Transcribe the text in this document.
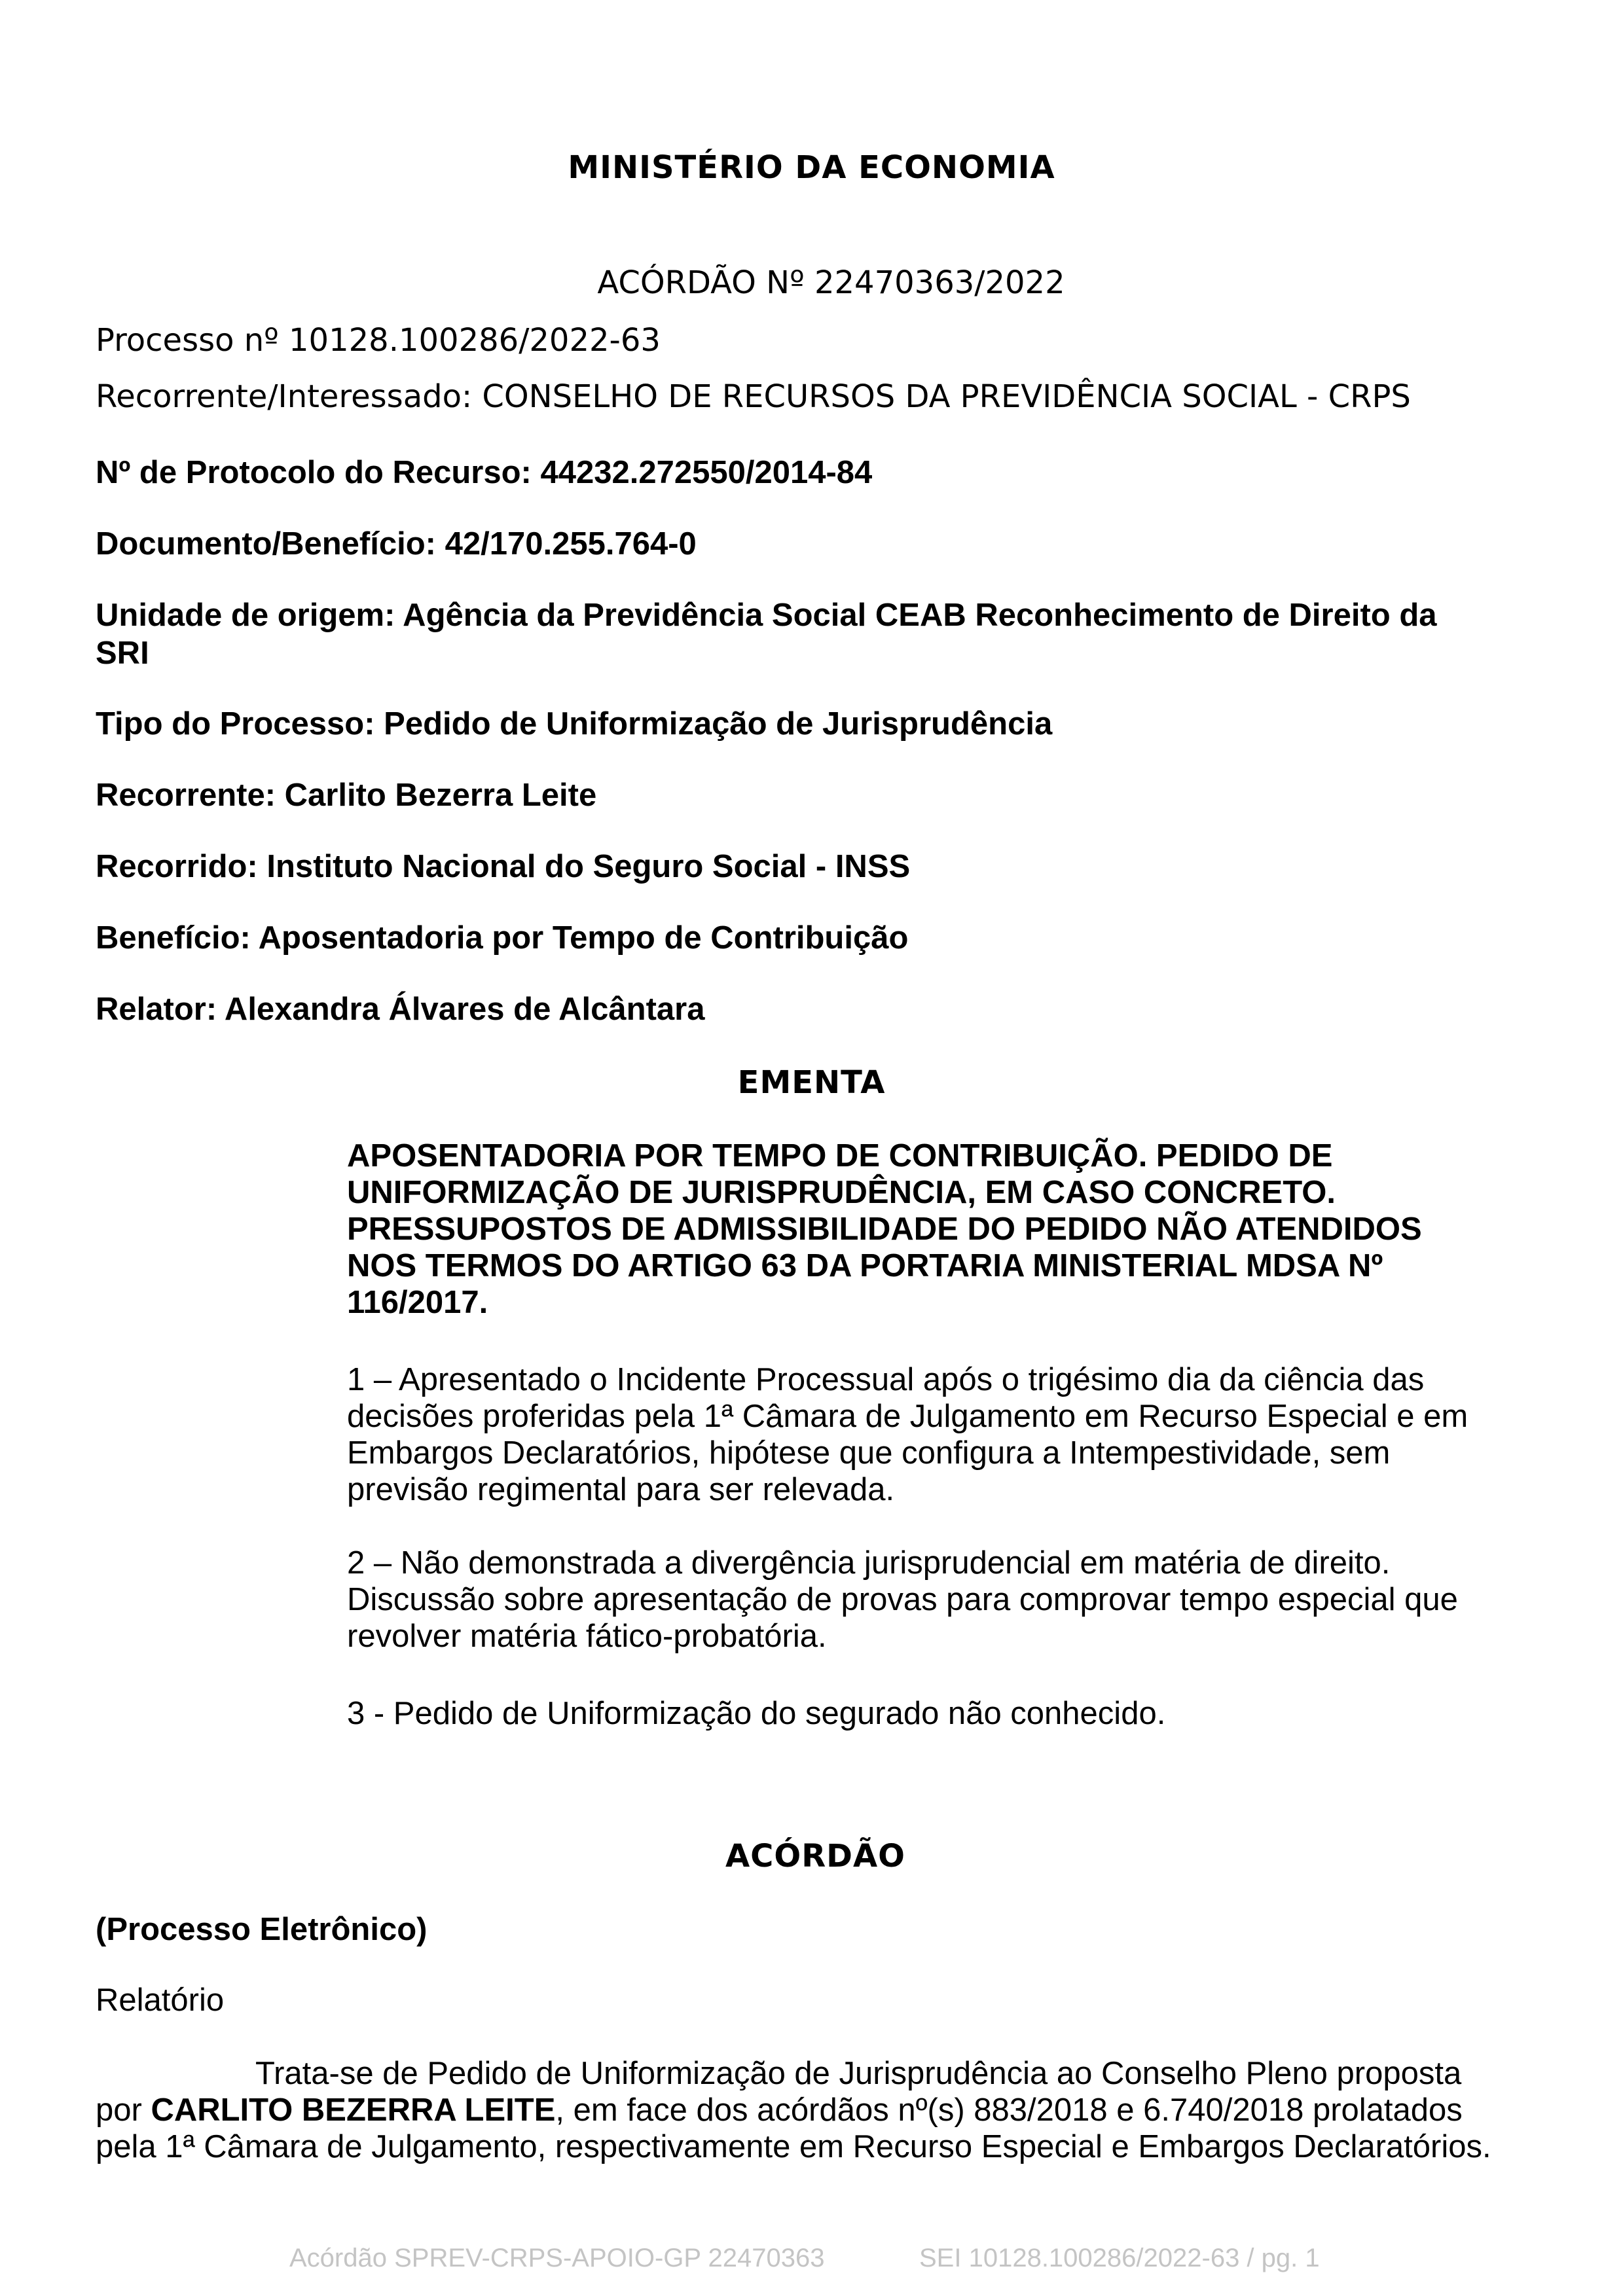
MINISTÉRIO DA ECONOMIA
ACÓRDÃO Nº 22470363/2022
Processo nº 10128.100286/2022-63
Recorrente/Interessado: CONSELHO DE RECURSOS DA PREVIDÊNCIA SOCIAL - CRPS
Nº de Protocolo do Recurso: 44232.272550/2014-84
Documento/Benefício: 42/170.255.764-0
Unidade de origem: Agência da Previdência Social CEAB Reconhecimento de Direito da
SRI
Tipo do Processo: Pedido de Uniformização de Jurisprudência
Recorrente: Carlito Bezerra Leite
Recorrido: Instituto Nacional do Seguro Social - INSS
Benefício: Aposentadoria por Tempo de Contribuição
Relator: Alexandra Álvares de Alcântara
EMENTA
APOSENTADORIA POR TEMPO DE CONTRIBUIÇÃO. PEDIDO DE
UNIFORMIZAÇÃO DE JURISPRUDÊNCIA, EM CASO CONCRETO.
PRESSUPOSTOS DE ADMISSIBILIDADE DO PEDIDO NÃO ATENDIDOS
NOS TERMOS DO ARTIGO 63 DA PORTARIA MINISTERIAL MDSA Nº
116/2017.
1 – Apresentado o Incidente Processual após o trigésimo dia da ciência das
decisões proferidas pela 1ª Câmara de Julgamento em Recurso Especial e em
Embargos Declaratórios, hipótese que configura a Intempestividade, sem
previsão regimental para ser relevada.
2 – Não demonstrada a divergência jurisprudencial em matéria de direito.
Discussão sobre apresentação de provas para comprovar tempo especial que
revolver matéria fático-probatória.
3 - Pedido de Uniformização do segurado não conhecido.
ACÓRDÃO
(Processo Eletrônico)
Relatório
Trata-se de Pedido de Uniformização de Jurisprudência ao Conselho Pleno proposta
por CARLITO BEZERRA LEITE, em face dos acórdãos nº(s) 883/2018 e 6.740/2018 prolatados
pela 1ª Câmara de Julgamento, respectivamente em Recurso Especial e Embargos Declaratórios.
Acórdão SPREV-CRPS-APOIO-GP 22470363	SEI 10128.100286/2022-63 / pg. 1
